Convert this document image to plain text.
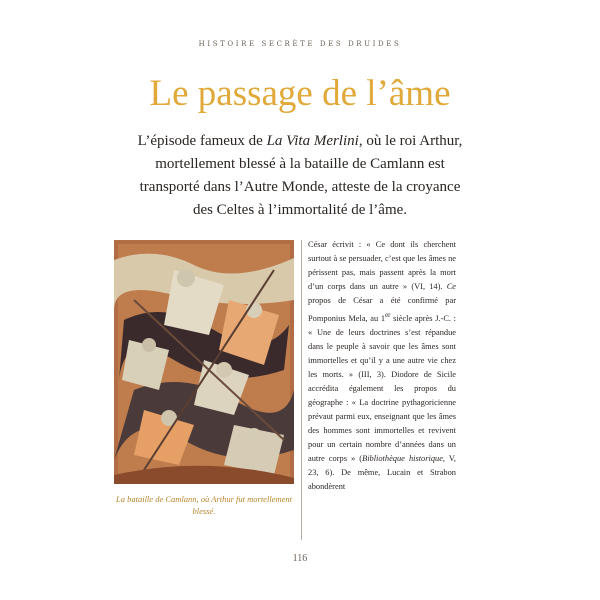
HISTOIRE SECRÈTE DES DRUIDES
Le passage de l’âme

L’épisode fameux de La Vita Merlini, où le roi Arthur, mortellement blessé à la bataille de Camlann est transporté dans l’Autre Monde, atteste de la croyance des Celtes à l’immortalité de l’âme.

La bataille de Camlann, où Arthur fut mortellement blessé.

César écrivit : « Ce dont ils cherchent surtout à se persuader, c’est que les âmes ne périssent pas, mais passent après la mort d’un corps dans un autre » (VI, 14). Ce propos de César a été confirmé par Pomponius Mela, au 1er siècle après J.-C. : « Une de leurs doctrines s’est répandue dans le peuple à savoir que les âmes sont immortelles et qu’il y a une autre vie chez les morts. » (III, 3). Diodore de Sicile accrédita également les propos du géographe : « La doctrine pythagoricienne prévaut parmi eux, enseignant que les âmes des hommes sont immortelles et revivent pour un certain nombre d’années dans un autre corps » (Bibliothèque historique, V, 23, 6). De même, Lucain et Strabon abondèrent

116
